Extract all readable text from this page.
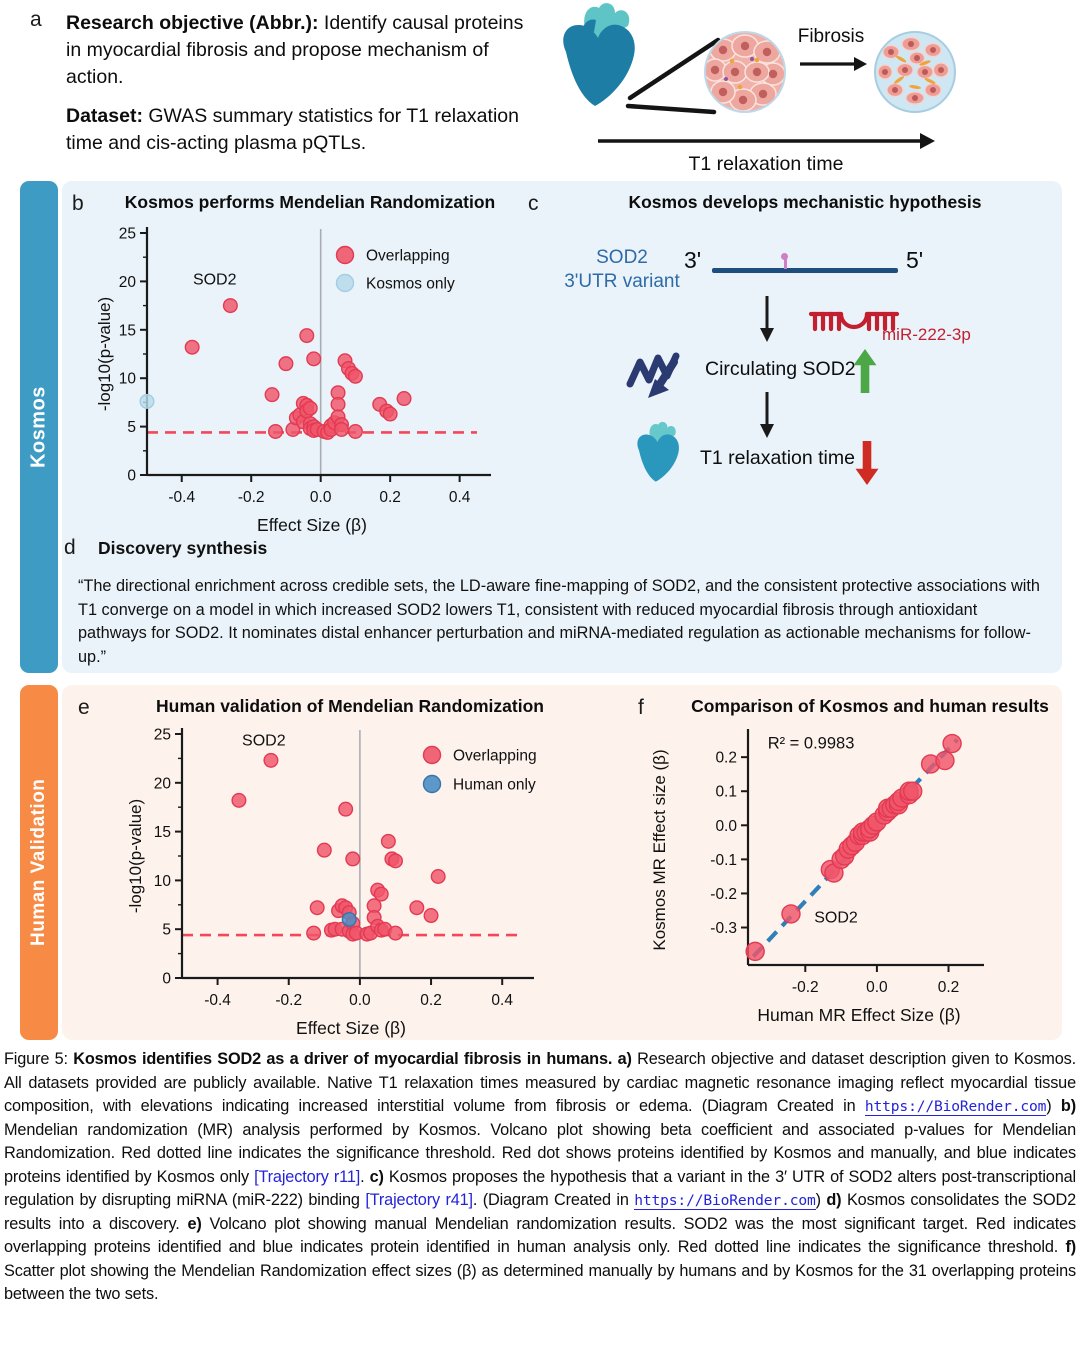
a Research objective (Abbr.): Identify causal proteins in myocardial fibrosis and propose mechanism of action.
Dataset: GWAS summary statistics for T1 relaxation time and cis-acting plasma pQTLs.
Fibrosis
T1 relaxation time
Kosmos
b	Kosmos performs Mendelian Randomization	c	Kosmos develops mechanistic hypothesis
0
5
10
15
20
25
-0.4	-0.2	0.0	0.2	0.4
Effect Size (β)
-log10(p-value)
Overlapping
Kosmos only
SOD2
SOD2
3'UTR variant
3'	5'
miR-222-3p
Circulating SOD2
T1 relaxation time
d Discovery synthesis
“The directional enrichment across credible sets, the LD-aware fine-mapping of SOD2, and the consistent protective associations with T1 converge on a model in which increased SOD2 lowers T1, consistent with reduced myocardial fibrosis through antioxidant pathways for SOD2. It nominates distal enhancer perturbation and miRNA-mediated regulation as actionable mechanisms for follow-up.”
Human Validation
e	Human validation of Mendelian Randomization	f	Comparison of Kosmos and human results
0
5
10
15
20
25
-0.4	-0.2	0.0	0.2	0.4
Effect Size (β)
-log10(p-value)
Overlapping
Human only
SOD2
0.2
0.1
0.0
-0.1
-0.2
-0.3
-0.2	0.0	0.2
Human MR Effect Size (β)
Kosmos MR Effect size (β)	SOD2
R² = 0.9983
Figure 5: Kosmos identifies SOD2 as a driver of myocardial fibrosis in humans. a) Research objective and dataset description given to Kosmos. All datasets provided are publicly available. Native T1 relaxation times measured by cardiac magnetic resonance imaging reflect myocardial tissue composition, with elevations indicating increased interstitial volume from fibrosis or edema. (Diagram Created in https://BioRender.com) b) Mendelian randomization (MR) analysis performed by Kosmos. Volcano plot showing beta coefficient and associated p-values for Mendelian Randomization. Red dotted line indicates the significance threshold. Red dot shows proteins identified by Kosmos and manually, and blue indicates proteins identified by Kosmos only [Trajectory r11]. c) Kosmos proposes the hypothesis that a variant in the 3′ UTR of SOD2 alters post-transcriptional regulation by disrupting miRNA (miR-222) binding [Trajectory r41]. (Diagram Created in https://BioRender.com) d) Kosmos consolidates the SOD2 results into a discovery. e) Volcano plot showing manual Mendelian randomization results. SOD2 was the most significant target. Red indicates overlapping proteins identified and blue indicates protein identified in human analysis only. Red dotted line indicates the significance threshold. f) Scatter plot showing the Mendelian Randomization effect sizes (β) as determined manually by humans and by Kosmos for the 31 overlapping proteins between the two sets.
